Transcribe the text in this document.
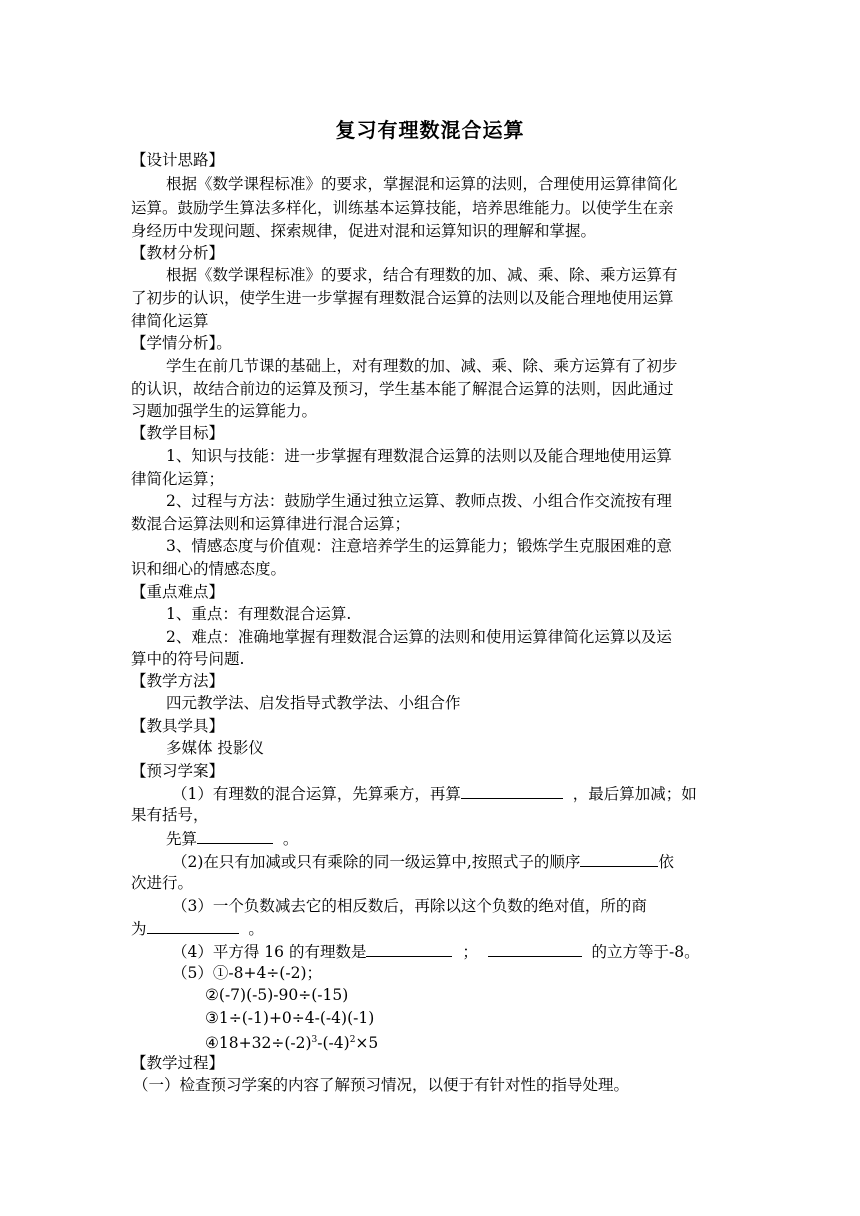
复习有理数混合运算
【设计思路】
根据《数学课程标准》的要求，掌握混和运算的法则，合理使用运算律简化
运算。鼓励学生算法多样化，训练基本运算技能，培养思维能力。以使学生在亲
身经历中发现问题、探索规律，促进对混和运算知识的理解和掌握。
【教材分析】
根据《数学课程标准》的要求，结合有理数的加、减、乘、除、乘方运算有
了初步的认识，使学生进一步掌握有理数混合运算的法则以及能合理地使用运算
律简化运算
【学情分析】。
学生在前几节课的基础上，对有理数的加、减、乘、除、乘方运算有了初步
的认识，故结合前边的运算及预习，学生基本能了解混合运算的法则，因此通过
习题加强学生的运算能力。
【教学目标】
1、知识与技能：进一步掌握有理数混合运算的法则以及能合理地使用运算
律简化运算；
2、过程与方法：鼓励学生通过独立运算、教师点拨、小组合作交流按有理
数混合运算法则和运算律进行混合运算；
3、情感态度与价值观：注意培养学生的运算能力；锻炼学生克服困难的意
识和细心的情感态度。
【重点难点】
1、重点：有理数混合运算.
2、难点：准确地掌握有理数混合运算的法则和使用运算律简化运算以及运
算中的符号问题.
【教学方法】
四元教学法、启发指导式教学法、小组合作
【教具学具】
多媒体 投影仪
【预习学案】
（1）有理数的混合运算，先算乘方，再算	，最后算加减；如
果有括号，
先算	。
（2)在只有加减或只有乘除的同一级运算中,按照式子的顺序	依
次进行。
（3）一个负数减去它的相反数后，再除以这个负数的绝对值，所的商
为	。
（4）平方得 16 的有理数是	；	的立方等于-8。
（5）①-8+4÷(-2)；
②(-7)(-5)-90÷(-15)
③1÷(-1)+0÷4-(-4)(-1)
$④18+32\div(-2)^3-(-4)^2\times 5$
【教学过程】
（一）检查预习学案的内容了解预习情况，以便于有针对性的指导处理。
